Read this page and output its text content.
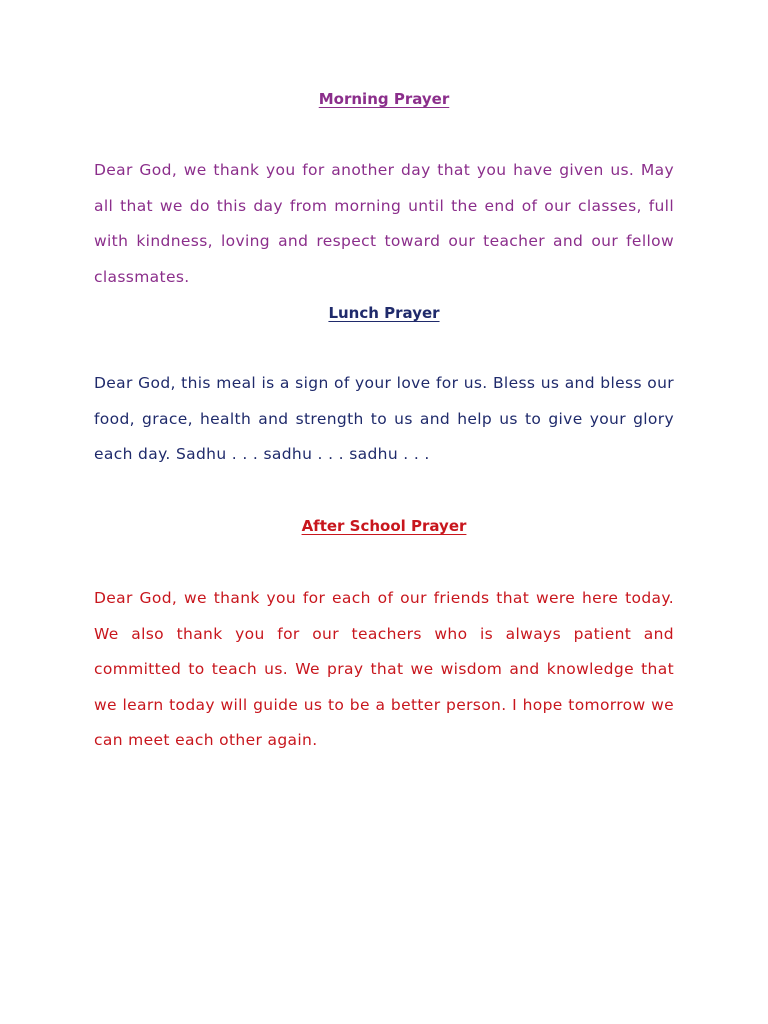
Morning Prayer

Dear God, we thank you for another day that you have given us. May all that we do this day from morning until the end of our classes, full with kindness, loving and respect toward our teacher and our fellow classmates.

Lunch Prayer

Dear God, this meal is a sign of your love for us. Bless us and bless our food, grace, health and strength to us and help us to give your glory each day. Sadhu . . . sadhu . . . sadhu . . .

After School Prayer

Dear God, we thank you for each of our friends that were here today. We also thank you for our teachers who is always patient and committed to teach us. We pray that we wisdom and knowledge that we learn today will guide us to be a better person. I hope tomorrow we can meet each other again.
